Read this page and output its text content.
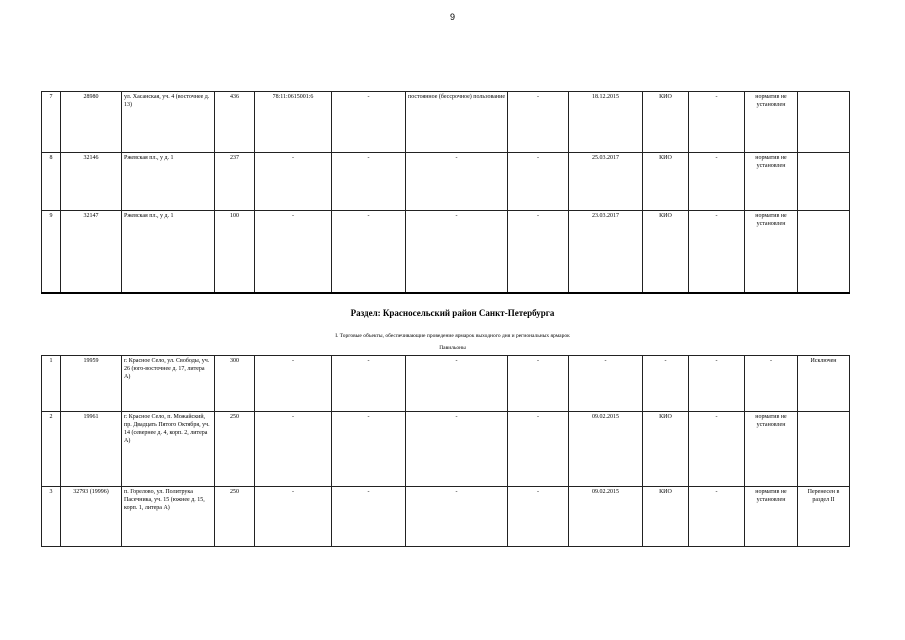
9
7	28980	ул. Хасанская, уч. 4 (восточнее д. 13)	436	78:11:0615001:6	-	постоянное (бессрочное) пользование	-	18.12.2015	КИО	-	норматив не установлен	
8	32146	Ржевская пл., у д. 1	237	-	-	-	-	25.03.2017	КИО	-	норматив не установлен	
9	32147	Ржевская пл., у д. 1	100	-	-	-	-	23.03.2017	КИО	-	норматив не установлен	
Раздел: Красносельский район Санкт-Петербурга
I. Торговые объекты, обеспечивающие проведение ярмарок выходного дня и региональных ярмарок
Павильоны
1	19959	г. Красное Село, ул. Свободы, уч. 26 (юго-восточнее д. 17, литера А)	300	-	-	-	-	-	-	-	-	Исключен
2	19961	г. Красное Село, п. Можайский, пр. Двадцать Пятого Октября, уч. 14 (севернее д. 4, корп. 2, литера А)	250	-	-	-	-	09.02.2015	КИО	-	норматив не установлен	
3	32793 (19996)	п. Горелово, ул. Политрука Пасечника, уч. 15 (южнее д. 15, корп. 1, литера А)	250	-	-	-	-	09.02.2015	КИО	-	норматив не установлен	Перенесен в раздел II
